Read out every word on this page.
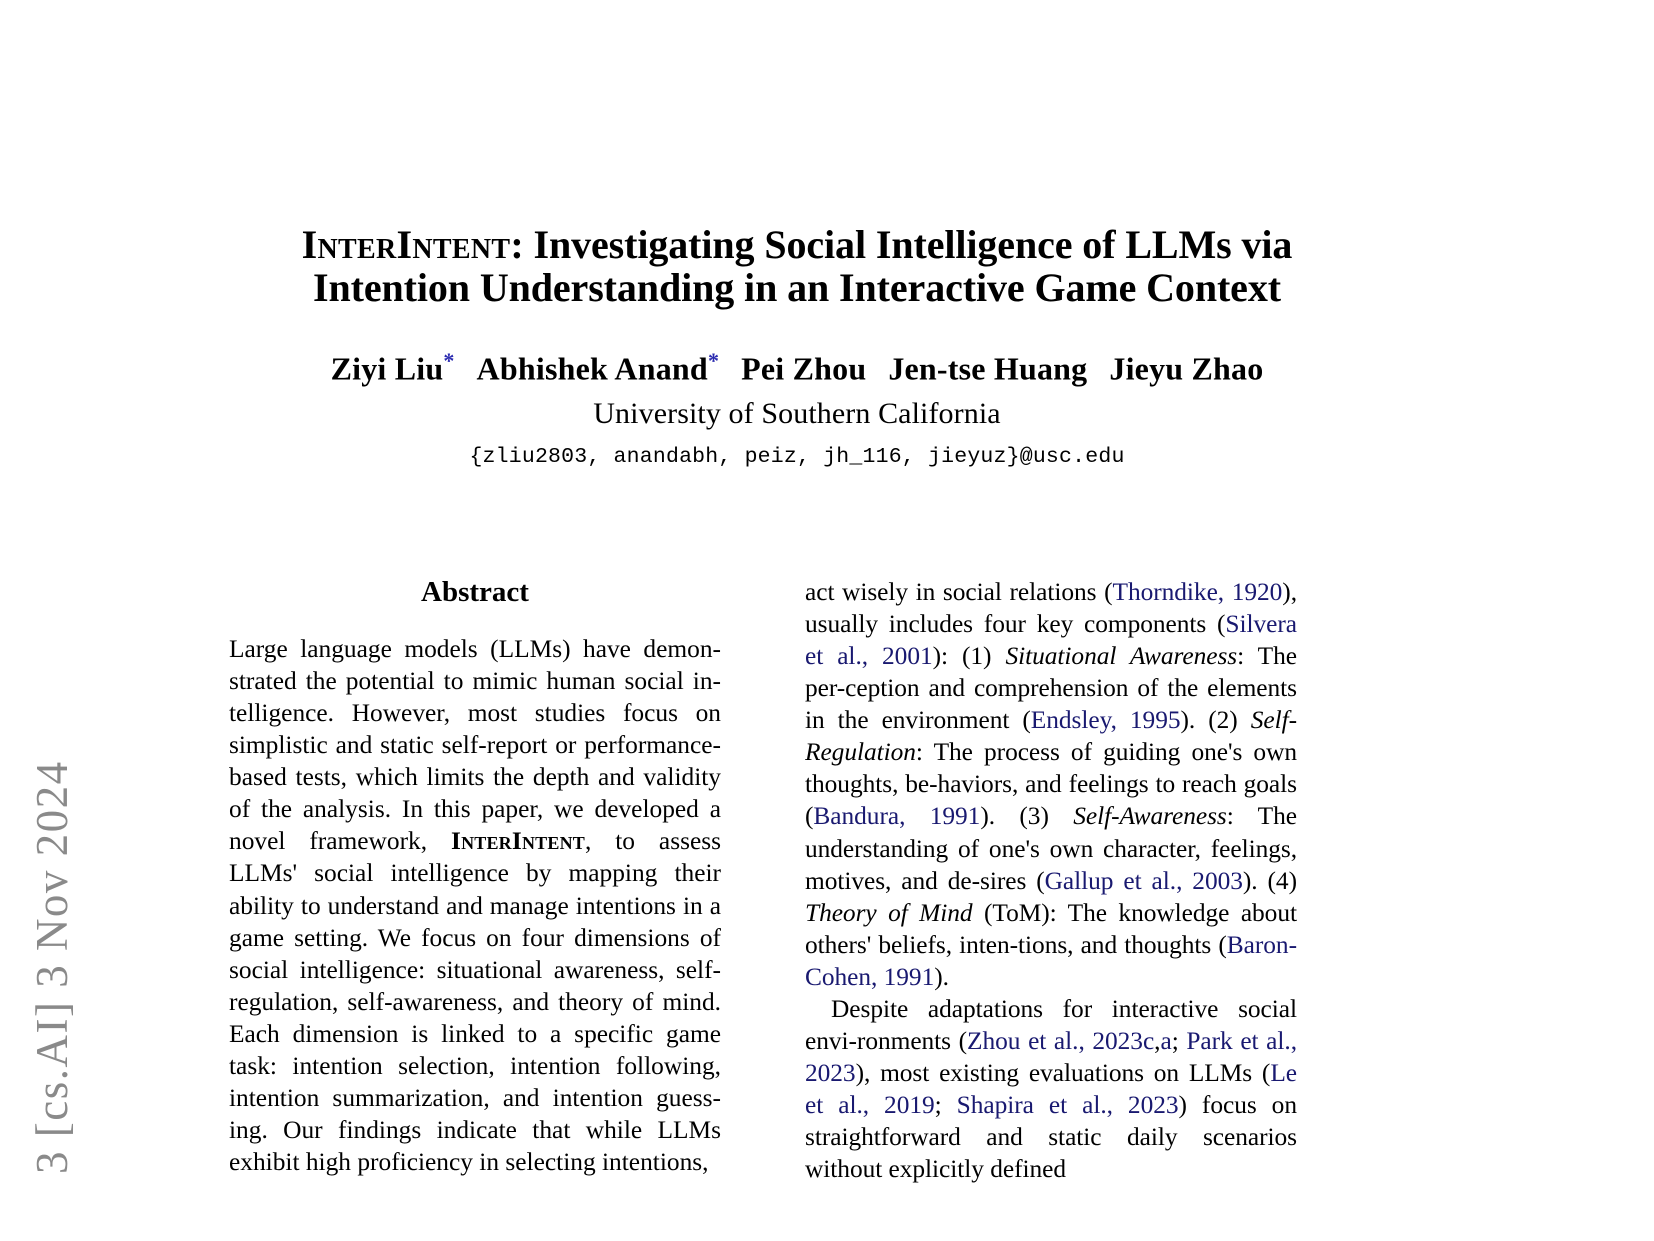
3 [cs.AI] 3 Nov 2024
InterIntent: Investigating Social Intelligence of LLMs via
Intention Understanding in an Interactive Game Context
Ziyi Liu* Abhishek Anand* Pei Zhou Jen-tse Huang Jieyu Zhao
University of Southern California
{zliu2803, anandabh, peiz, jh_116, jieyuz}@usc.edu
Abstract

Large language models (LLMs) have demon-strated the potential to mimic human social in-telligence. However, most studies focus on simplistic and static self-report or performance-based tests, which limits the depth and validity of the analysis. In this paper, we developed a novel framework, InterIntent, to assess LLMs' social intelligence by mapping their ability to understand and manage intentions in a game setting. We focus on four dimensions of social intelligence: situational awareness, self-regulation, self-awareness, and theory of mind. Each dimension is linked to a specific game task: intention selection, intention following, intention summarization, and intention guess-ing. Our findings indicate that while LLMs exhibit high proficiency in selecting intentions,

act wisely in social relations (Thorndike, 1920), usually includes four key components (Silvera et al., 2001): (1) Situational Awareness: The per-ception and comprehension of the elements in the environment (Endsley, 1995). (2) Self-Regulation: The process of guiding one's own thoughts, be-haviors, and feelings to reach goals (Bandura, 1991). (3) Self-Awareness: The understanding of one's own character, feelings, motives, and de-sires (Gallup et al., 2003). (4) Theory of Mind (ToM): The knowledge about others' beliefs, inten-tions, and thoughts (Baron-Cohen, 1991).

Despite adaptations for interactive social envi-ronments (Zhou et al., 2023c,a; Park et al., 2023), most existing evaluations on LLMs (Le et al., 2019; Shapira et al., 2023) focus on straightforward and static daily scenarios without explicitly defined
